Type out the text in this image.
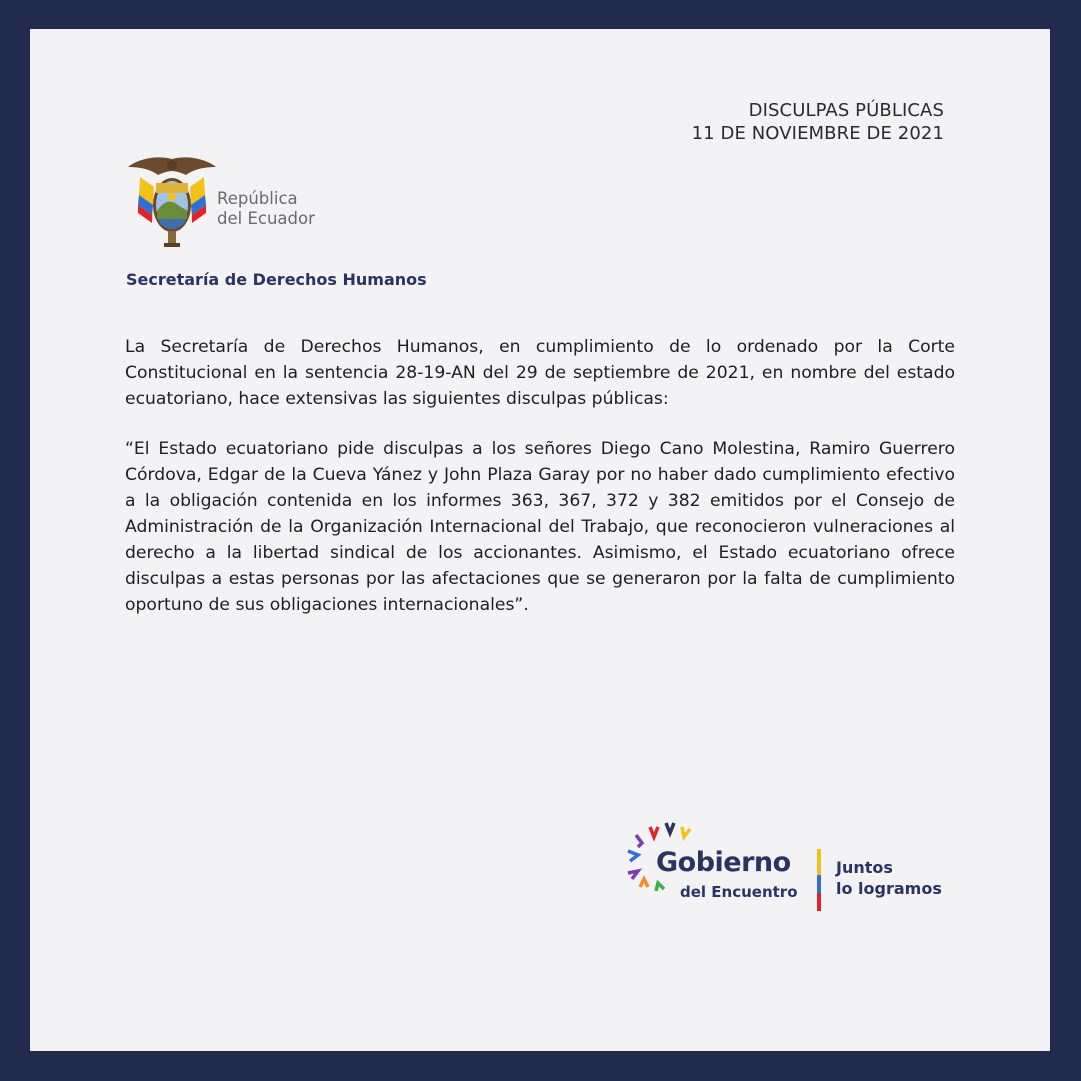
DISCULPAS PÚBLICAS
11 DE NOVIEMBRE DE 2021
República
del Ecuador
Secretaría de Derechos Humanos

La Secretaría de Derechos Humanos, en cumplimiento de lo ordenado por la Corte Constitucional en la sentencia 28-19-AN del 29 de septiembre de 2021, en nombre del estado ecuatoriano, hace extensivas las siguientes disculpas públicas:

“El Estado ecuatoriano pide disculpas a los señores Diego Cano Molestina, Ramiro Guerrero Córdova, Edgar de la Cueva Yánez y John Plaza Garay por no haber dado cumplimiento efectivo a la obligación contenida en los informes 363, 367, 372 y 382 emitidos por el Consejo de Administración de la Organización Internacional del Trabajo, que reconocieron vulneraciones al derecho a la libertad sindical de los accionantes. Asimismo, el Estado ecuatoriano ofrece disculpas a estas personas por las afectaciones que se generaron por la falta de cumplimiento oportuno de sus obligaciones internacionales”.

Gobierno
del Encuentro
Juntos
lo logramos
